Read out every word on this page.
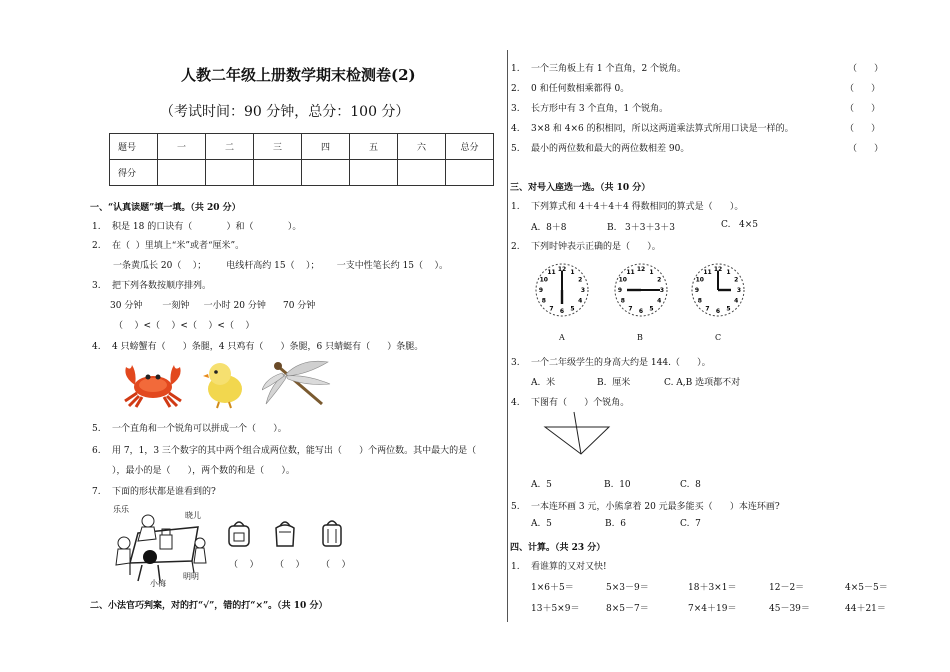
人教二年级上册数学期末检测卷(2)
（考试时间：90 分钟，总分：100 分）
题号	一	二	三	四	五	六	总分
得分							
一、“认真读题”填一填。（共 20 分）
1.    积是 18 的口诀有（            ）和（            ）。
2.    在（  ）里填上“米”或者“厘米”。
一条黄瓜长 20（    ）；       电线杆高约 15（    ）；      一支中性笔长约 15（    ）。
3.    把下列各数按顺序排列。
30 分钟       一刻钟     一小时 20 分钟      70 分钟
（    ）<（    ）<（    ）<（    ）
4.    4 只螃蟹有（      ）条腿，4 只鸡有（      ）条腿，6 只蜻蜓有（      ）条腿。
5.    一个直角和一个锐角可以拼成一个（      ）。
6.    用 7，1，3 三个数字的其中两个组合成两位数，能写出（      ）个两位数。其中最大的是（
），最小的是（      ），两个数的和是（      ）。
7.    下面的形状都是谁看到的?
乐乐
晓儿
小梅
明明
（    ） （    ） （    ）
二、小法官巧判案，对的打“√”，错的打“×”。（共 10 分）
1.    一个三角板上有 1 个直角，2 个锐角。
2.    0 和任何数相乘都得 0。
3.    长方形中有 3 个直角，1 个锐角。
4.    3×8 和 4×6 的积相同，所以这两道乘法算式所用口诀是一样的。
5.    最小的两位数和最大的两位数相差 90。
（      ）
（      ）
（      ）
（      ）
（      ）
三、对号入座选一选。（共 10 分）
1.    下列算式和 4＋4＋4＋4 得数相同的算式是（      ）。
A.  8＋8	B.   3＋3＋3＋3	C.   4×5
2.    下列时钟表示正确的是（      ）。
12 1
2
3
4
5
6
7
8
9
10
11	12 1
2
3
4
5
6
7
8
9
10
11	12 1
2
3
4
5
6
7
8
9
10
11
A	B	C
3.    一个二年级学生的身高大约是 144.（      ）。
A.  米	B.  厘米	C. A,B 选项都不对
4.    下图有（      ）个锐角。
A.  5	B.  10	C.  8
5.    一本连环画 3 元，小熊拿着 20 元最多能买（      ）本连环画?
A.  5	B.  6	C.  7
四、计算。（共 23 分）
1.    看谁算的又对又快!
1×6＋5＝	5×3－9＝	18＋3×1＝	12－2＝	4×5－5＝
13＋5×9＝	8×5－7＝	7×4＋19＝	45－39＝	44＋21＝
